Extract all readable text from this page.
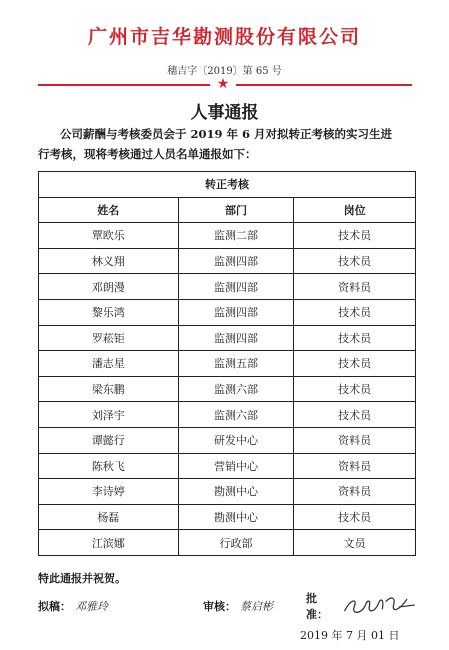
广州市吉华勘测股份有限公司
穗吉字〔2019〕第 65 号
★
人事通报
公司薪酬与考核委员会于 2019 年 6 月对拟转正考核的实习生进
行考核，现将考核通过人员名单通报如下：
转正考核		
姓名	部门	岗位
覃欧乐	监测二部	技术员
林义翔	监测四部	技术员
邓朗漫	监测四部	资料员
黎乐鸿	监测四部	技术员
罗菘钜	监测四部	技术员
潘志星	监测五部	技术员
梁东鹏	监测六部	技术员
刘泽宇	监测六部	技术员
谭懿行	研发中心	资料员
陈秋飞	营销中心	资料员
李诗婷	勘测中心	资料员
杨磊	勘测中心	技术员
江滨娜	行政部	文员
特此通报并祝贺。
拟稿： 邓雅玲	审核： 蔡启彬
批准：
2019 年 7 月 01 日
